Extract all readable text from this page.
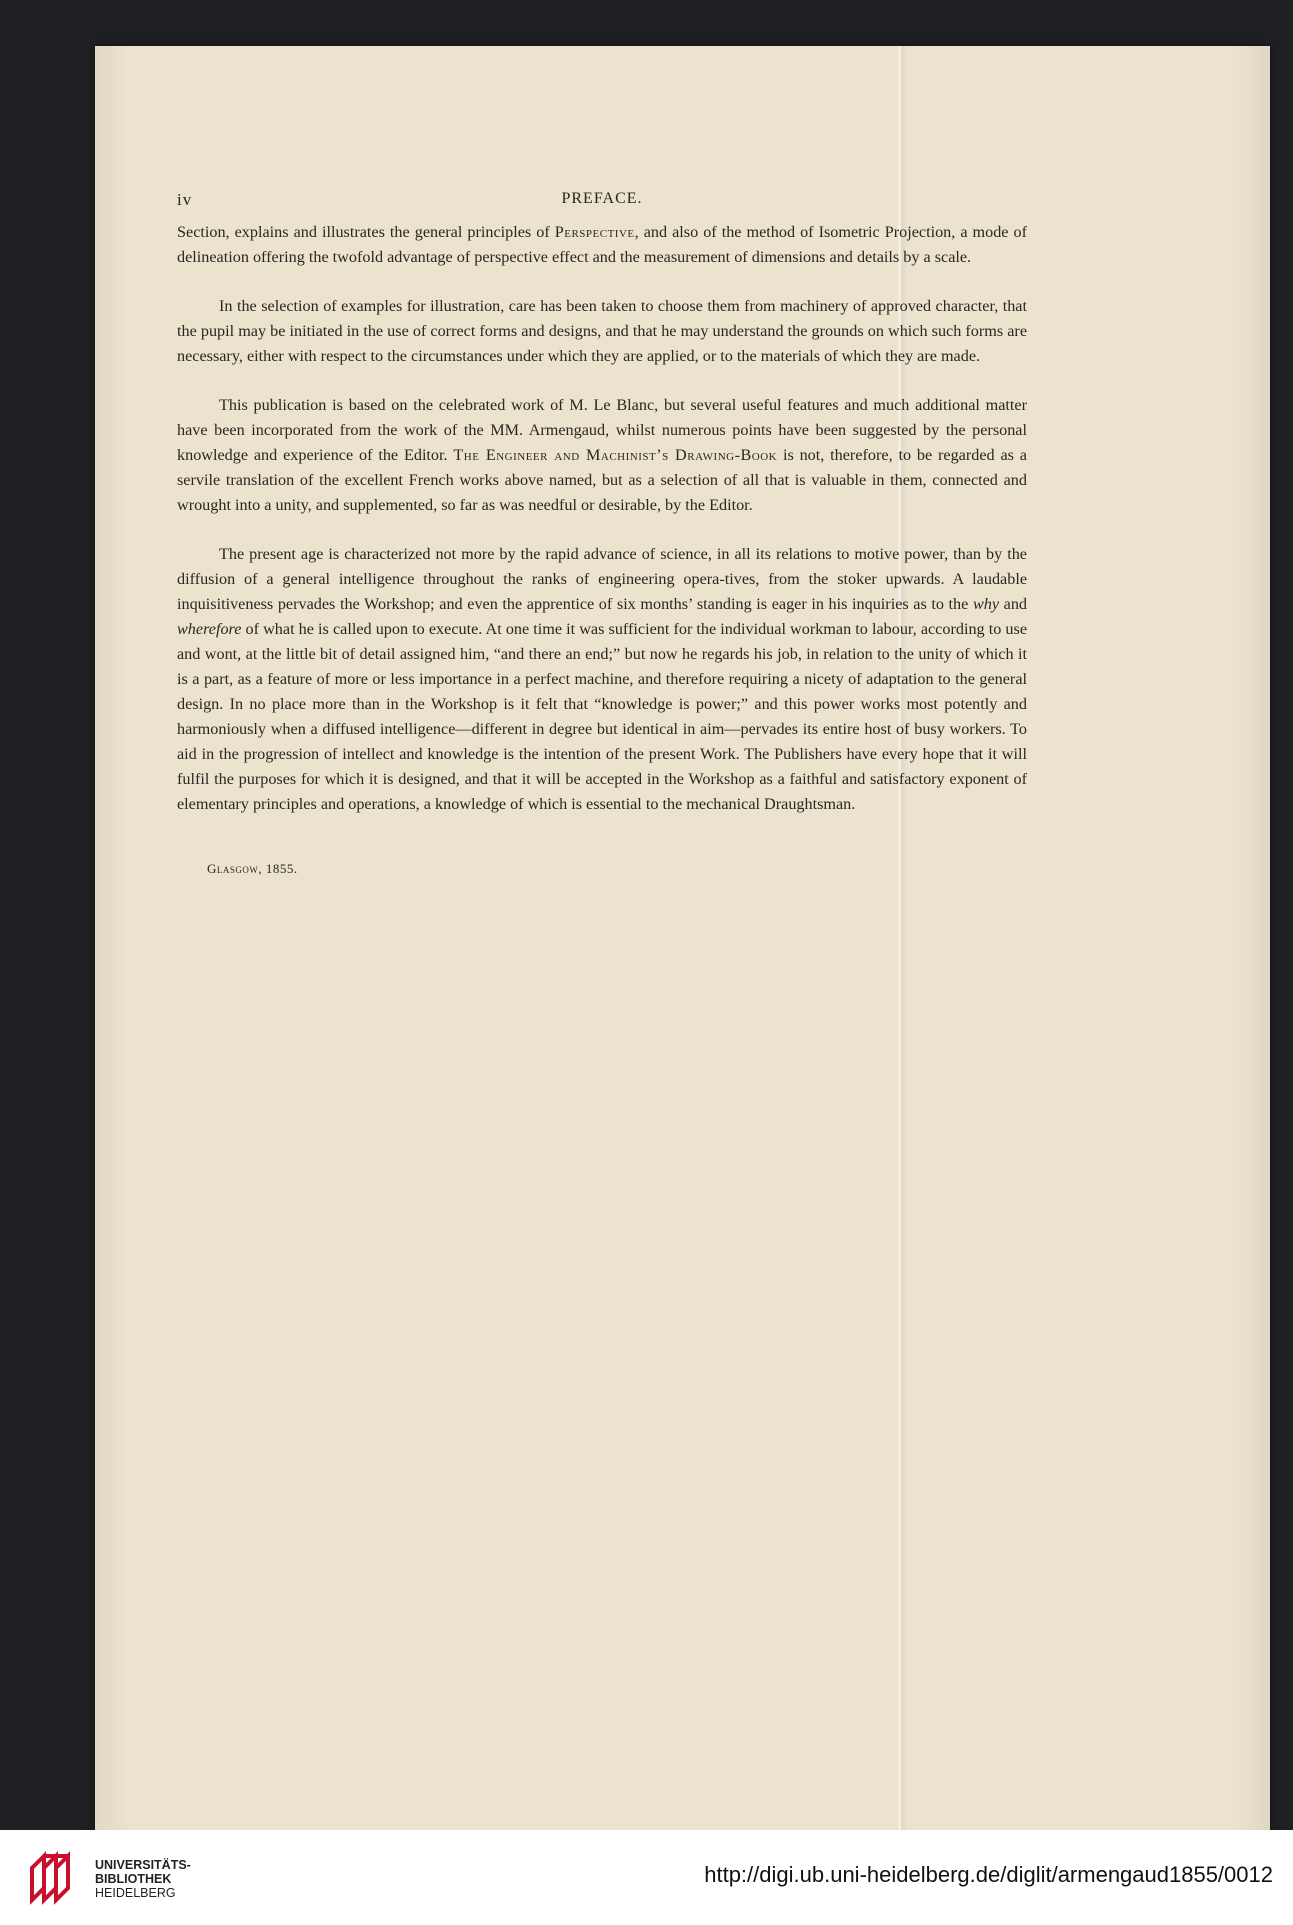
iv	PREFACE.

Section, explains and illustrates the general principles of Perspective, and also of the method of Isometric Projection, a mode of delineation offering the twofold advantage of perspective effect and the measurement of dimensions and details by a scale.

In the selection of examples for illustration, care has been taken to choose them from machinery of approved character, that the pupil may be initiated in the use of correct forms and designs, and that he may understand the grounds on which such forms are necessary, either with respect to the circumstances under which they are applied, or to the materials of which they are made.

This publication is based on the celebrated work of M. Le Blanc, but several useful features and much additional matter have been incorporated from the work of the MM. Armengaud, whilst numerous points have been suggested by the personal knowledge and experience of the Editor. The Engineer and Machinist’s Drawing-Book is not, therefore, to be regarded as a servile translation of the excellent French works above named, but as a selection of all that is valuable in them, connected and wrought into a unity, and supplemented, so far as was needful or desirable, by the Editor.

The present age is characterized not more by the rapid advance of science, in all its relations to motive power, than by the diffusion of a general intelligence throughout the ranks of engineering opera-tives, from the stoker upwards. A laudable inquisitiveness pervades the Workshop; and even the apprentice of six months’ standing is eager in his inquiries as to the why and wherefore of what he is called upon to execute. At one time it was sufficient for the individual workman to labour, according to use and wont, at the little bit of detail assigned him, “and there an end;” but now he regards his job, in relation to the unity of which it is a part, as a feature of more or less importance in a perfect machine, and therefore requiring a nicety of adaptation to the general design. In no place more than in the Workshop is it felt that “knowledge is power;” and this power works most potently and harmoniously when a diffused intelligence—different in degree but identical in aim—pervades its entire host of busy workers. To aid in the progression of intellect and knowledge is the intention of the present Work. The Publishers have every hope that it will fulfil the purposes for which it is designed, and that it will be accepted in the Workshop as a faithful and satisfactory exponent of elementary principles and operations, a knowledge of which is essential to the mechanical Draughtsman.

Glasgow, 1855.
UNIVERSITÄTS-
BIBLIOTHEK
HEIDELBERG
http://digi.ub.uni-heidelberg.de/diglit/armengaud1855/0012
